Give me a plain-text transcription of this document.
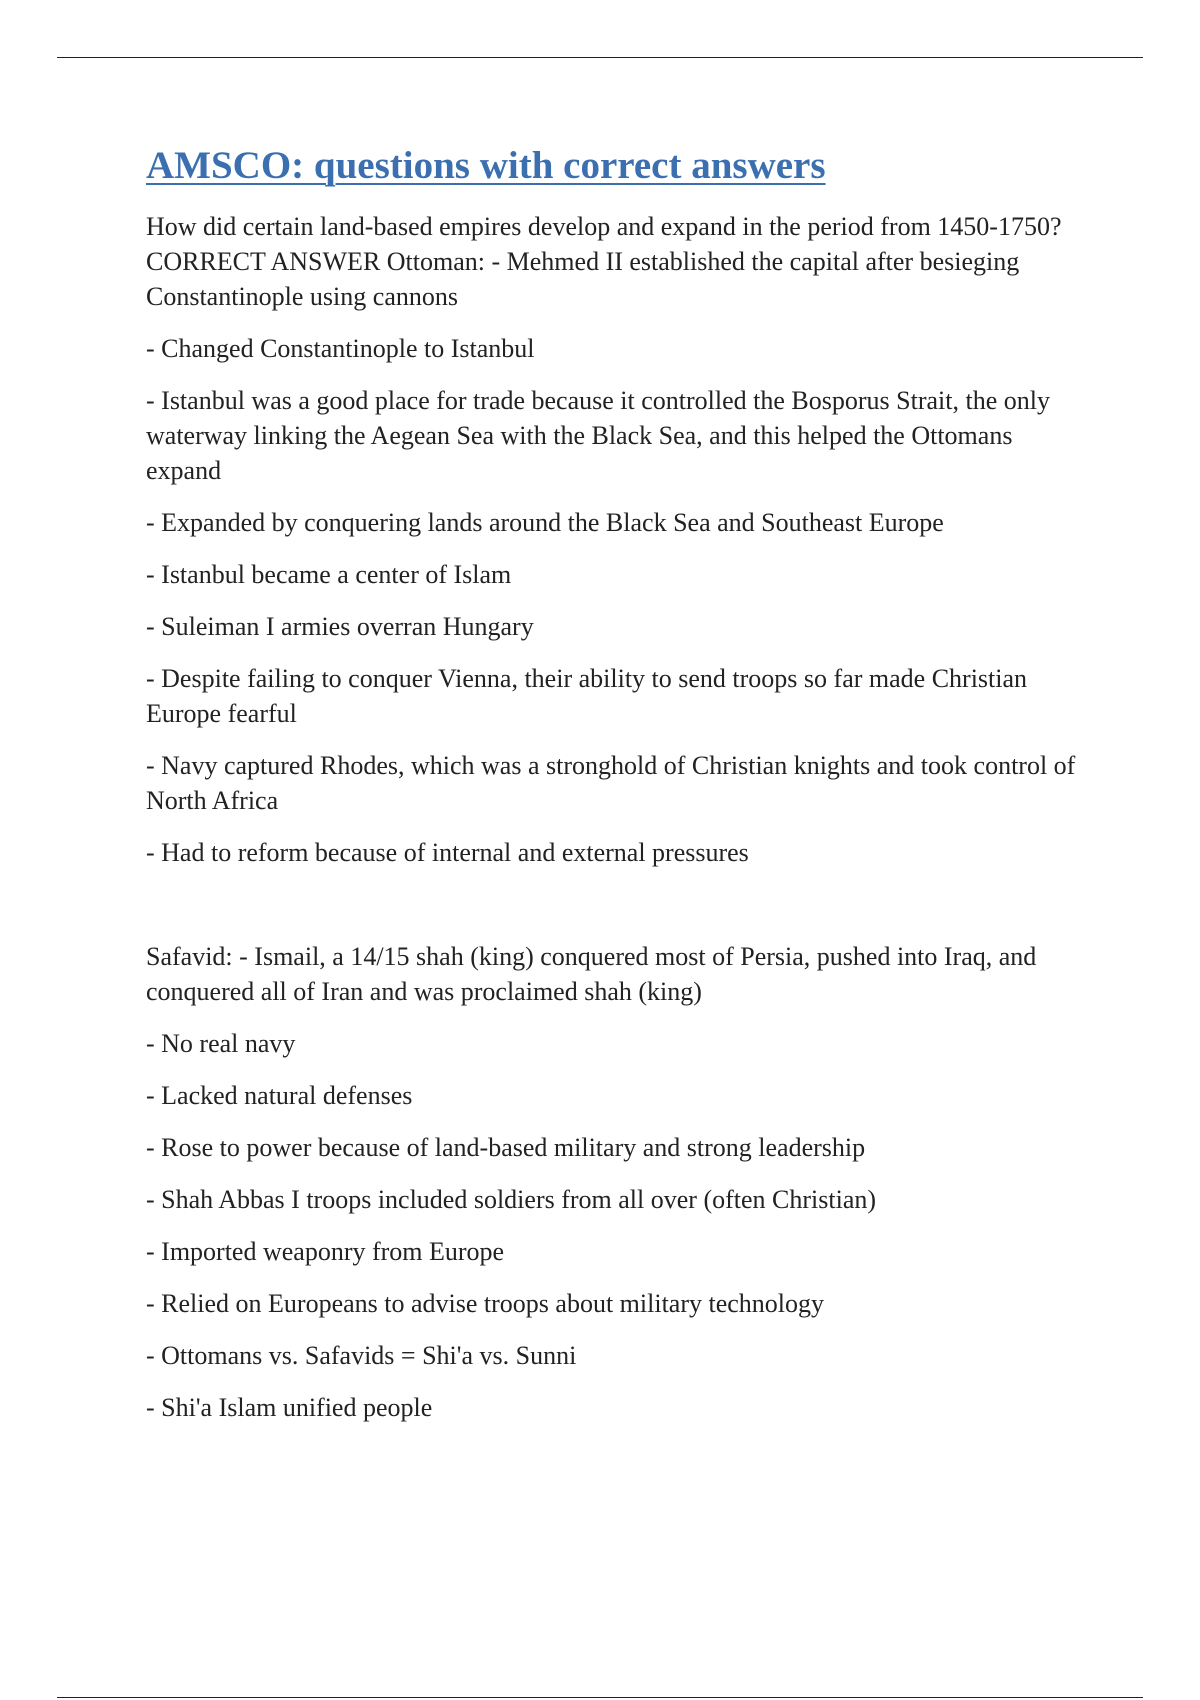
AMSCO: questions with correct answers

How did certain land-based empires develop and expand in the period from 1450-1750? CORRECT ANSWER Ottoman: - Mehmed II established the capital after besieging Constantinople using cannons

- Changed Constantinople to Istanbul

- Istanbul was a good place for trade because it controlled the Bosporus Strait, the only waterway linking the Aegean Sea with the Black Sea, and this helped the Ottomans expand

- Expanded by conquering lands around the Black Sea and Southeast Europe

- Istanbul became a center of Islam

- Suleiman I armies overran Hungary

- Despite failing to conquer Vienna, their ability to send troops so far made Christian Europe fearful

- Navy captured Rhodes, which was a stronghold of Christian knights and took control of North Africa

- Had to reform because of internal and external pressures

Safavid: - Ismail, a 14/15 shah (king) conquered most of Persia, pushed into Iraq, and conquered all of Iran and was proclaimed shah (king)

- No real navy

- Lacked natural defenses

- Rose to power because of land-based military and strong leadership

- Shah Abbas I troops included soldiers from all over (often Christian)

- Imported weaponry from Europe

- Relied on Europeans to advise troops about military technology

- Ottomans vs. Safavids = Shi'a vs. Sunni

- Shi'a Islam unified people
